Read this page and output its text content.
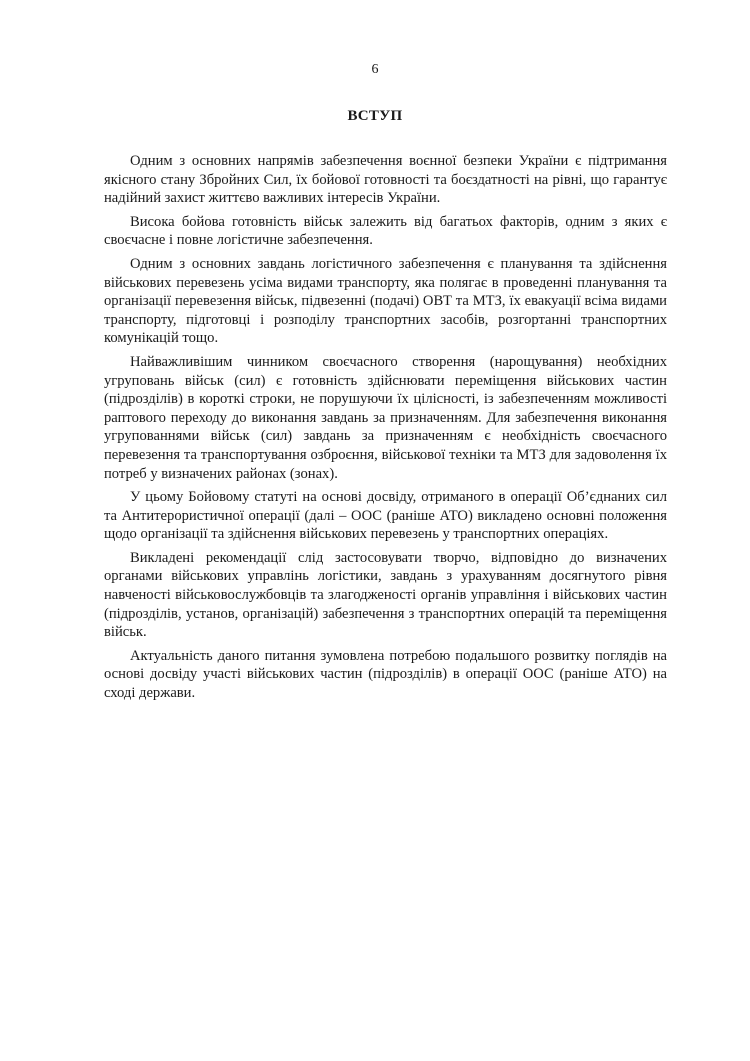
6
ВСТУП

Одним з основних напрямів забезпечення воєнної безпеки України є підтримання якісного стану Збройних Сил, їх бойової готовності та боєздатності на рівні, що гарантує надійний захист життєво важливих інтересів України.

Висока бойова готовність військ залежить від багатьох факторів, одним з яких є своєчасне і повне логістичне забезпечення.

Одним з основних завдань логістичного забезпечення є планування та здійснення військових перевезень усіма видами транспорту, яка полягає в проведенні планування та організації перевезення військ, підвезенні (подачі) ОВТ та МТЗ, їх евакуації всіма видами транспорту, підготовці і розподілу транспортних засобів, розгортанні транспортних комунікацій тощо.

Найважливішим чинником своєчасного створення (нарощування) необхідних угруповань військ (сил) є готовність здійснювати переміщення військових частин (підрозділів) в короткі строки, не порушуючи їх цілісності, із забезпеченням можливості раптового переходу до виконання завдань за призначенням. Для забезпечення виконання угрупованнями військ (сил) завдань за призначенням є необхідність своєчасного перевезення та транспортування озброєння, військової техніки та МТЗ для задоволення їх потреб у визначених районах (зонах).

У цьому Бойовому статуті на основі досвіду, отриманого в операції Об’єднаних сил та Антитерористичної операції (далі – ООС (раніше АТО) викладено основні положення щодо організації та здійснення військових перевезень у транспортних операціях.

Викладені рекомендації слід застосовувати творчо, відповідно до визначених органами військових управлінь логістики, завдань з урахуванням досягнутого рівня навченості військовослужбовців та злагодженості органів управління і військових частин (підрозділів, установ, організацій) забезпечення з транспортних операцій та переміщення військ.

Актуальність даного питання зумовлена потребою подальшого розвитку поглядів на основі досвіду участі військових частин (підрозділів) в операції ООС (раніше АТО) на сході держави.
